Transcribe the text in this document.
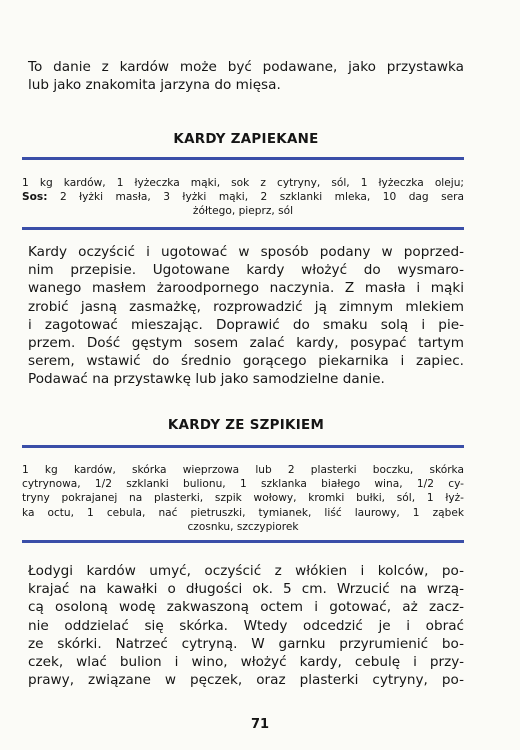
To danie z kardów może być podawane, jako przystawka
lub jako znakomita jarzyna do mięsa.
KARDY ZAPIEKANE
1 kg kardów, 1 łyżeczka mąki, sok z cytryny, sól, 1 łyżeczka oleju;
Sos: 2 łyżki masła, 3 łyżki mąki, 2 szklanki mleka, 10 dag sera
żółtego, pieprz, sól
Kardy oczyścić i ugotować w sposób podany w poprzed-
nim przepisie. Ugotowane kardy włożyć do wysmaro-
wanego masłem żaroodpornego naczynia. Z masła i mąki
zrobić jasną zasmażkę, rozprowadzić ją zimnym mlekiem
i zagotować mieszając. Doprawić do smaku solą i pie-
przem. Dość gęstym sosem zalać kardy, posypać tartym
serem, wstawić do średnio gorącego piekarnika i zapiec.
Podawać na przystawkę lub jako samodzielne danie.
KARDY ZE SZPIKIEM
1 kg kardów, skórka wieprzowa lub 2 plasterki boczku, skórka
cytrynowa, 1/2 szklanki bulionu, 1 szklanka białego wina, 1/2 cy-
tryny pokrajanej na plasterki, szpik wołowy, kromki bułki, sól, 1 łyż-
ka octu, 1 cebula, nać pietruszki, tymianek, liść laurowy, 1 ząbek
czosnku, szczypiorek
Łodygi kardów umyć, oczyścić z włókien i kolców, po-
krajać na kawałki o długości ok. 5 cm. Wrzucić na wrzą-
cą osoloną wodę zakwaszoną octem i gotować, aż zacz-
nie oddzielać się skórka. Wtedy odcedzić je i obrać
ze skórki. Natrzeć cytryną. W garnku przyrumienić bo-
czek, wlać bulion i wino, włożyć kardy, cebulę i przy-
prawy, związane w pęczek, oraz plasterki cytryny, po-
71
